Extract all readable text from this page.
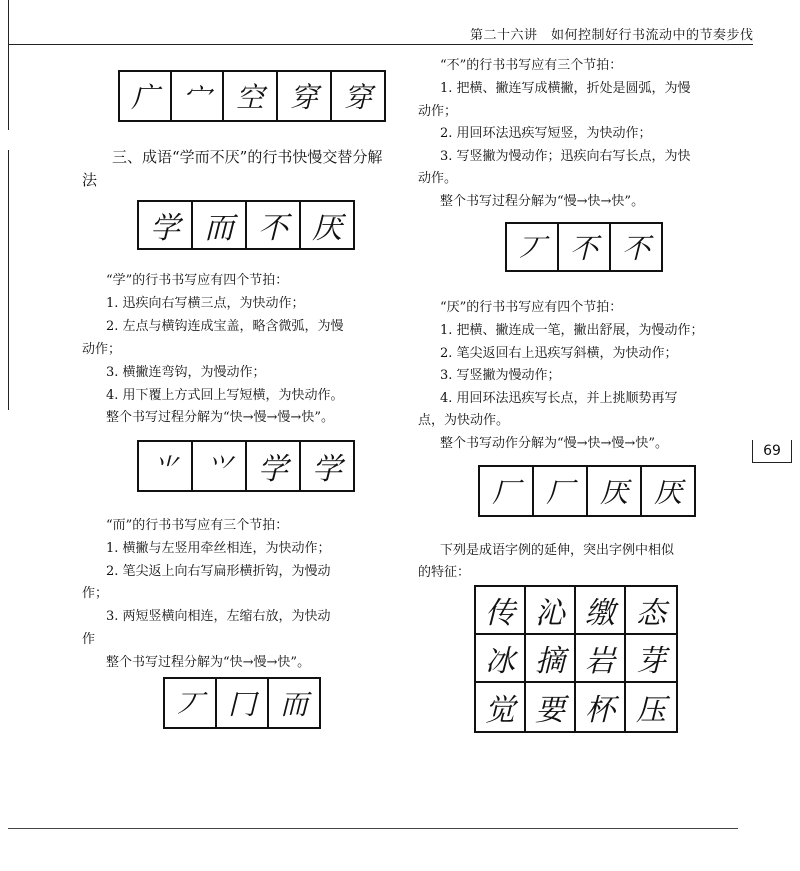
第二十六讲　如何控制好行书流动中的节奏步伐
69
广 宀 空 穿 穿
三、成语“学而不厌”的行书快慢交替分解
法
学 而 不 厌
“学”的行书书写应有四个节拍：
1. 迅疾向右写横三点，为快动作；
2. 左点与横钩连成宝盖，略含微弧，为慢
动作；
3. 横撇连弯钩，为慢动作；
4. 用下覆上方式回上写短横，为快动作。
整个书写过程分解为“快→慢→慢→快”。
⺌	⺍ 学 学
“而”的行书书写应有三个节拍：
1. 横撇与左竖用牵丝相连，为快动作；
2. 笔尖返上向右写扁形横折钩，为慢动
作；
3. 两短竖横向相连，左缩右放，为快动
作
整个书写过程分解为“快→慢→快”。
丆 冂 而
“不”的行书书写应有三个节拍：
1. 把横、撇连写成横撇，折处是圆弧，为慢
动作；
2. 用回环法迅疾写短竖，为快动作；
3. 写竖撇为慢动作；迅疾向右写长点，为快
动作。
整个书写过程分解为“慢→快→快”。
丆 不 不
“厌”的行书书写应有四个节拍：
1. 把横、撇连成一笔，撇出舒展，为慢动作；
2. 笔尖返回右上迅疾写斜横，为快动作；
3. 写竖撇为慢动作；
4. 用回环法迅疾写长点，并上挑顺势再写
点，为快动作。
整个书写动作分解为“慢→快→慢→快”。
厂 厂 厌 厌
下列是成语字例的延伸，突出字例中相似
的特征：
传 沁 缴 态
冰 摘 岩 芽
觉 要 杯 压
